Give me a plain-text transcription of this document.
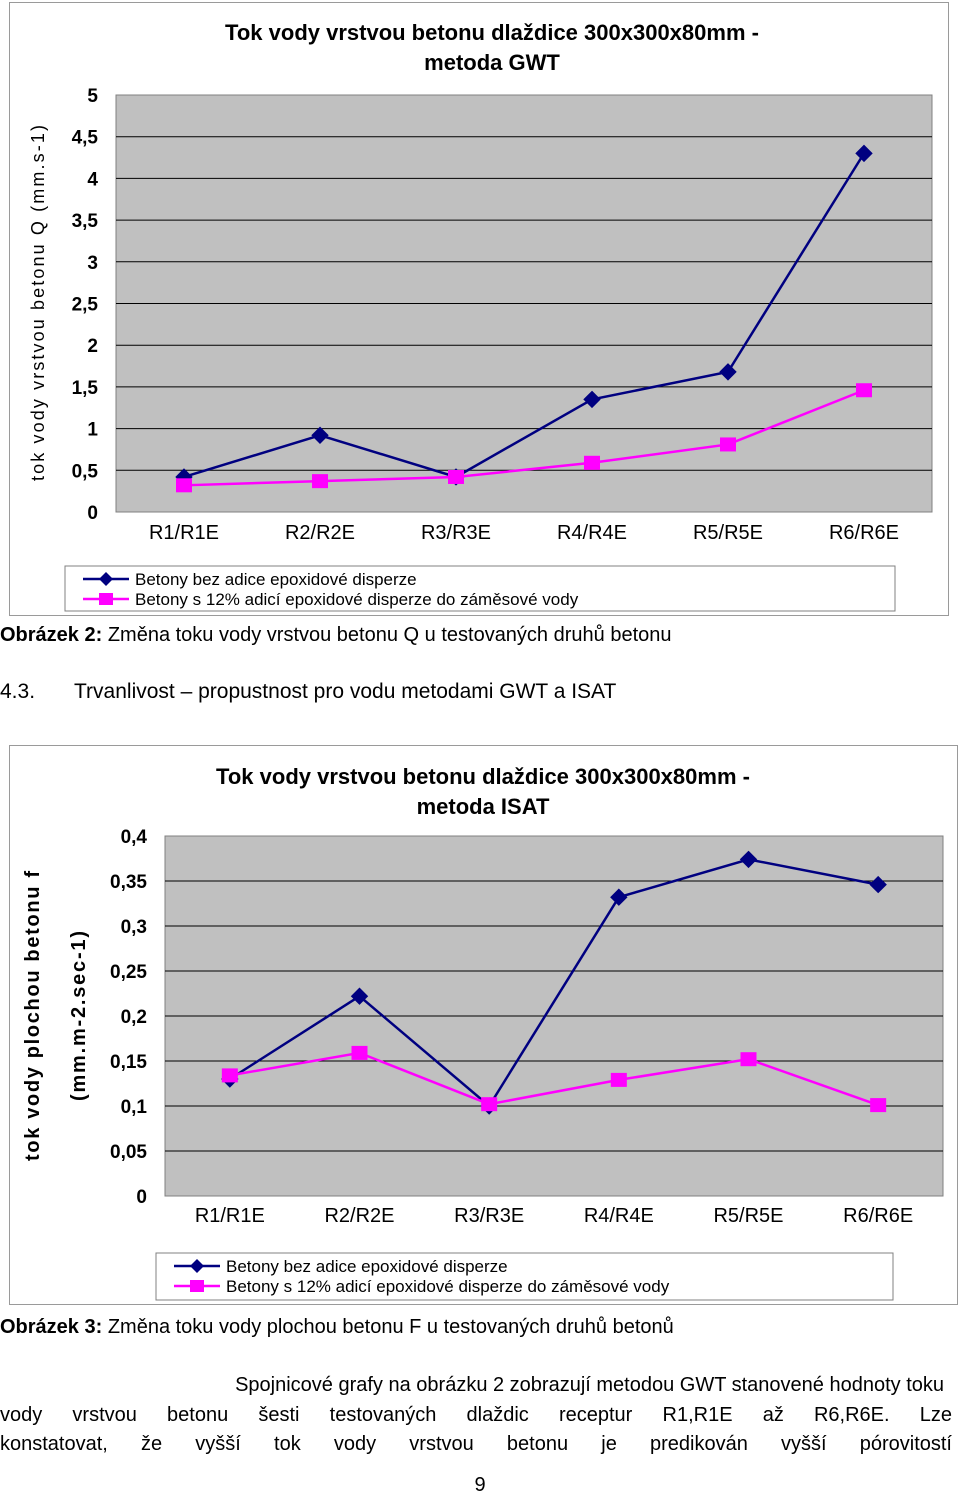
Tok vody vrstvou betonu dlaždice 300x300x80mm -
metoda GWT
0
0,5
1
1,5
2
2,5
3
3,5
4
4,5
5
R1/R1E	R2/R2E	R3/R3E	R4/R4E	R5/R5E	R6/R6E
tok vody vrstvou betonu Q (mm.s-1)
Betony bez adice epoxidové disperze
Betony s 12% adicí epoxidové disperze do záměsové vody
Obrázek 2: Změna toku vody vrstvou betonu Q u testovaných druhů betonu
4.3. Trvanlivost – propustnost pro vodu metodami GWT a ISAT
Tok vody vrstvou betonu dlaždice 300x300x80mm -
metoda ISAT
0
0,05
0,1
0,15
0,2
0,25
0,3
0,35
0,4
R1/R1E	R2/R2E	R3/R3E	R4/R4E	R5/R5E	R6/R6E
tok vody plochou betonu f
(mm.m-2.sec-1)
Betony bez adice epoxidové disperze
Betony s 12% adicí epoxidové disperze do záměsové vody
Obrázek 3: Změna toku vody plochou betonu F u testovaných druhů betonů
Spojnicové grafy na obrázku 2 zobrazují metodou GWT stanovené hodnoty toku
vody vrstvou betonu šesti testovaných dlaždic receptur R1,R1E až R6,R6E. Lze
konstatovat, že vyšší tok vody vrstvou betonu je predikován vyšší pórovitostí
9
